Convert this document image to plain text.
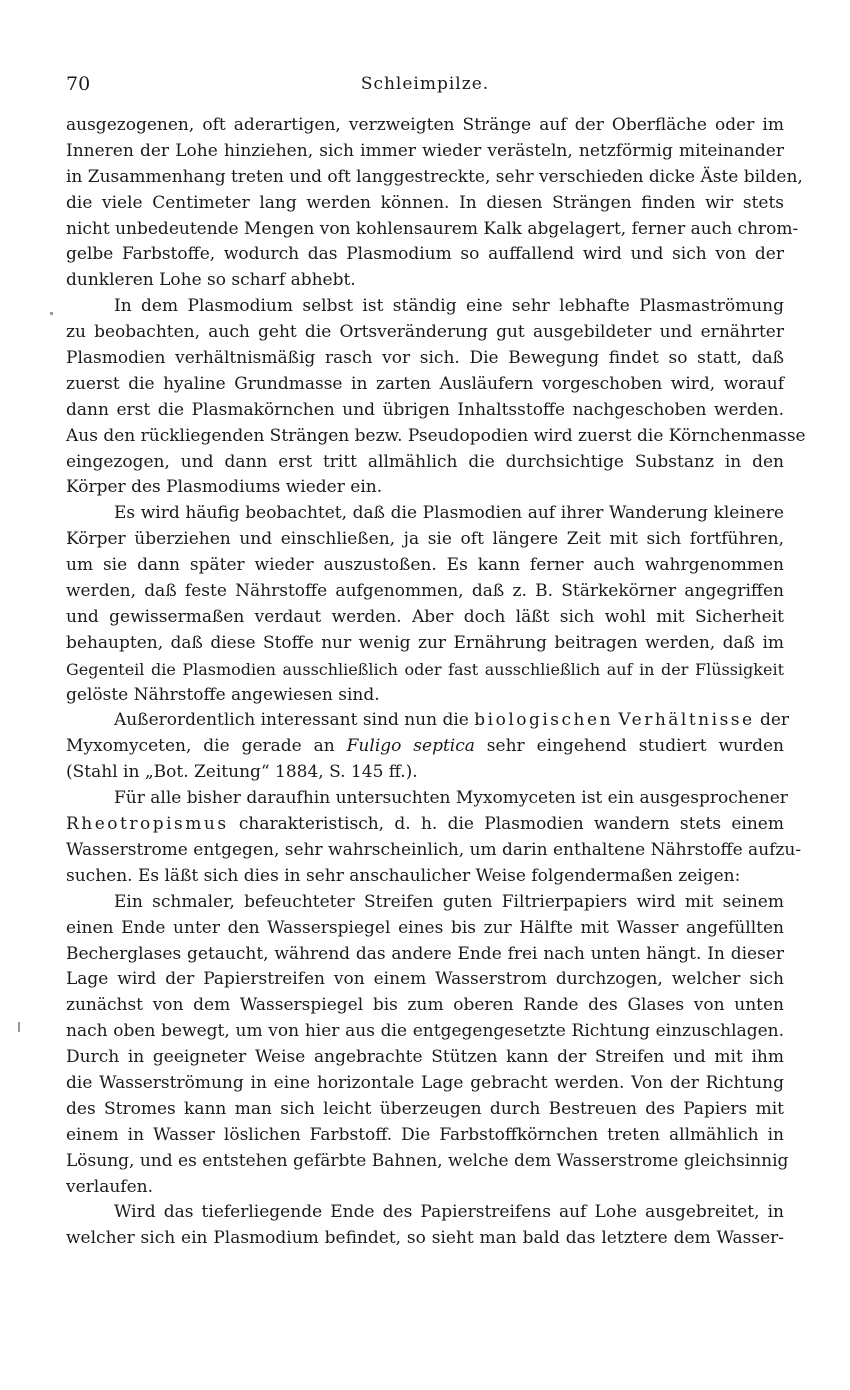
70	Schleimpilze.
ausgezogenen, oft aderartigen, verzweigten Stränge auf der Oberfläche oder im
Inneren der Lohe hinziehen, sich immer wieder verästeln, netzförmig miteinander
in Zusammenhang treten und oft langgestreckte, sehr verschieden dicke Äste bilden,
die viele Centimeter lang werden können. In diesen Strängen finden wir stets
nicht unbedeutende Mengen von kohlensaurem Kalk abgelagert, ferner auch chrom-
gelbe Farbstoffe, wodurch das Plasmodium so auffallend wird und sich von der
dunkleren Lohe so scharf abhebt.
In dem Plasmodium selbst ist ständig eine sehr lebhafte Plasmaströmung
zu beobachten, auch geht die Ortsveränderung gut ausgebildeter und ernährter
Plasmodien verhältnismäßig rasch vor sich. Die Bewegung findet so statt, daß
zuerst die hyaline Grundmasse in zarten Ausläufern vorgeschoben wird, worauf
dann erst die Plasmakörnchen und übrigen Inhaltsstoffe nachgeschoben werden.
Aus den rückliegenden Strängen bezw. Pseudopodien wird zuerst die Körnchenmasse
eingezogen, und dann erst tritt allmählich die durchsichtige Substanz in den
Körper des Plasmodiums wieder ein.
Es wird häufig beobachtet, daß die Plasmodien auf ihrer Wanderung kleinere
Körper überziehen und einschließen, ja sie oft längere Zeit mit sich fortführen,
um sie dann später wieder auszustoßen. Es kann ferner auch wahrgenommen
werden, daß feste Nährstoffe aufgenommen, daß z. B. Stärkekörner angegriffen
und gewissermaßen verdaut werden. Aber doch läßt sich wohl mit Sicherheit
behaupten, daß diese Stoffe nur wenig zur Ernährung beitragen werden, daß im
Gegenteil die Plasmodien ausschließlich oder fast ausschließlich auf in der Flüssigkeit
gelöste Nährstoffe angewiesen sind.
Außerordentlich interessant sind nun die biologischen Verhältnisse der
Myxomyceten, die gerade an Fuligo septica sehr eingehend studiert wurden
(Stahl in „Bot. Zeitung“ 1884, S. 145 ff.).
Für alle bisher daraufhin untersuchten Myxomyceten ist ein ausgesprochener
Rheotropismus charakteristisch, d. h. die Plasmodien wandern stets einem
Wasserstrome entgegen, sehr wahrscheinlich, um darin enthaltene Nährstoffe aufzu-
suchen. Es läßt sich dies in sehr anschaulicher Weise folgendermaßen zeigen:
Ein schmaler, befeuchteter Streifen guten Filtrierpapiers wird mit seinem
einen Ende unter den Wasserspiegel eines bis zur Hälfte mit Wasser angefüllten
Becherglases getaucht, während das andere Ende frei nach unten hängt. In dieser
Lage wird der Papierstreifen von einem Wasserstrom durchzogen, welcher sich
zunächst von dem Wasserspiegel bis zum oberen Rande des Glases von unten
nach oben bewegt, um von hier aus die entgegengesetzte Richtung einzuschlagen.
Durch in geeigneter Weise angebrachte Stützen kann der Streifen und mit ihm
die Wasserströmung in eine horizontale Lage gebracht werden. Von der Richtung
des Stromes kann man sich leicht überzeugen durch Bestreuen des Papiers mit
einem in Wasser löslichen Farbstoff. Die Farbstoffkörnchen treten allmählich in
Lösung, und es entstehen gefärbte Bahnen, welche dem Wasserstrome gleichsinnig
verlaufen.
Wird das tieferliegende Ende des Papierstreifens auf Lohe ausgebreitet, in
welcher sich ein Plasmodium befindet, so sieht man bald das letztere dem Wasser-
